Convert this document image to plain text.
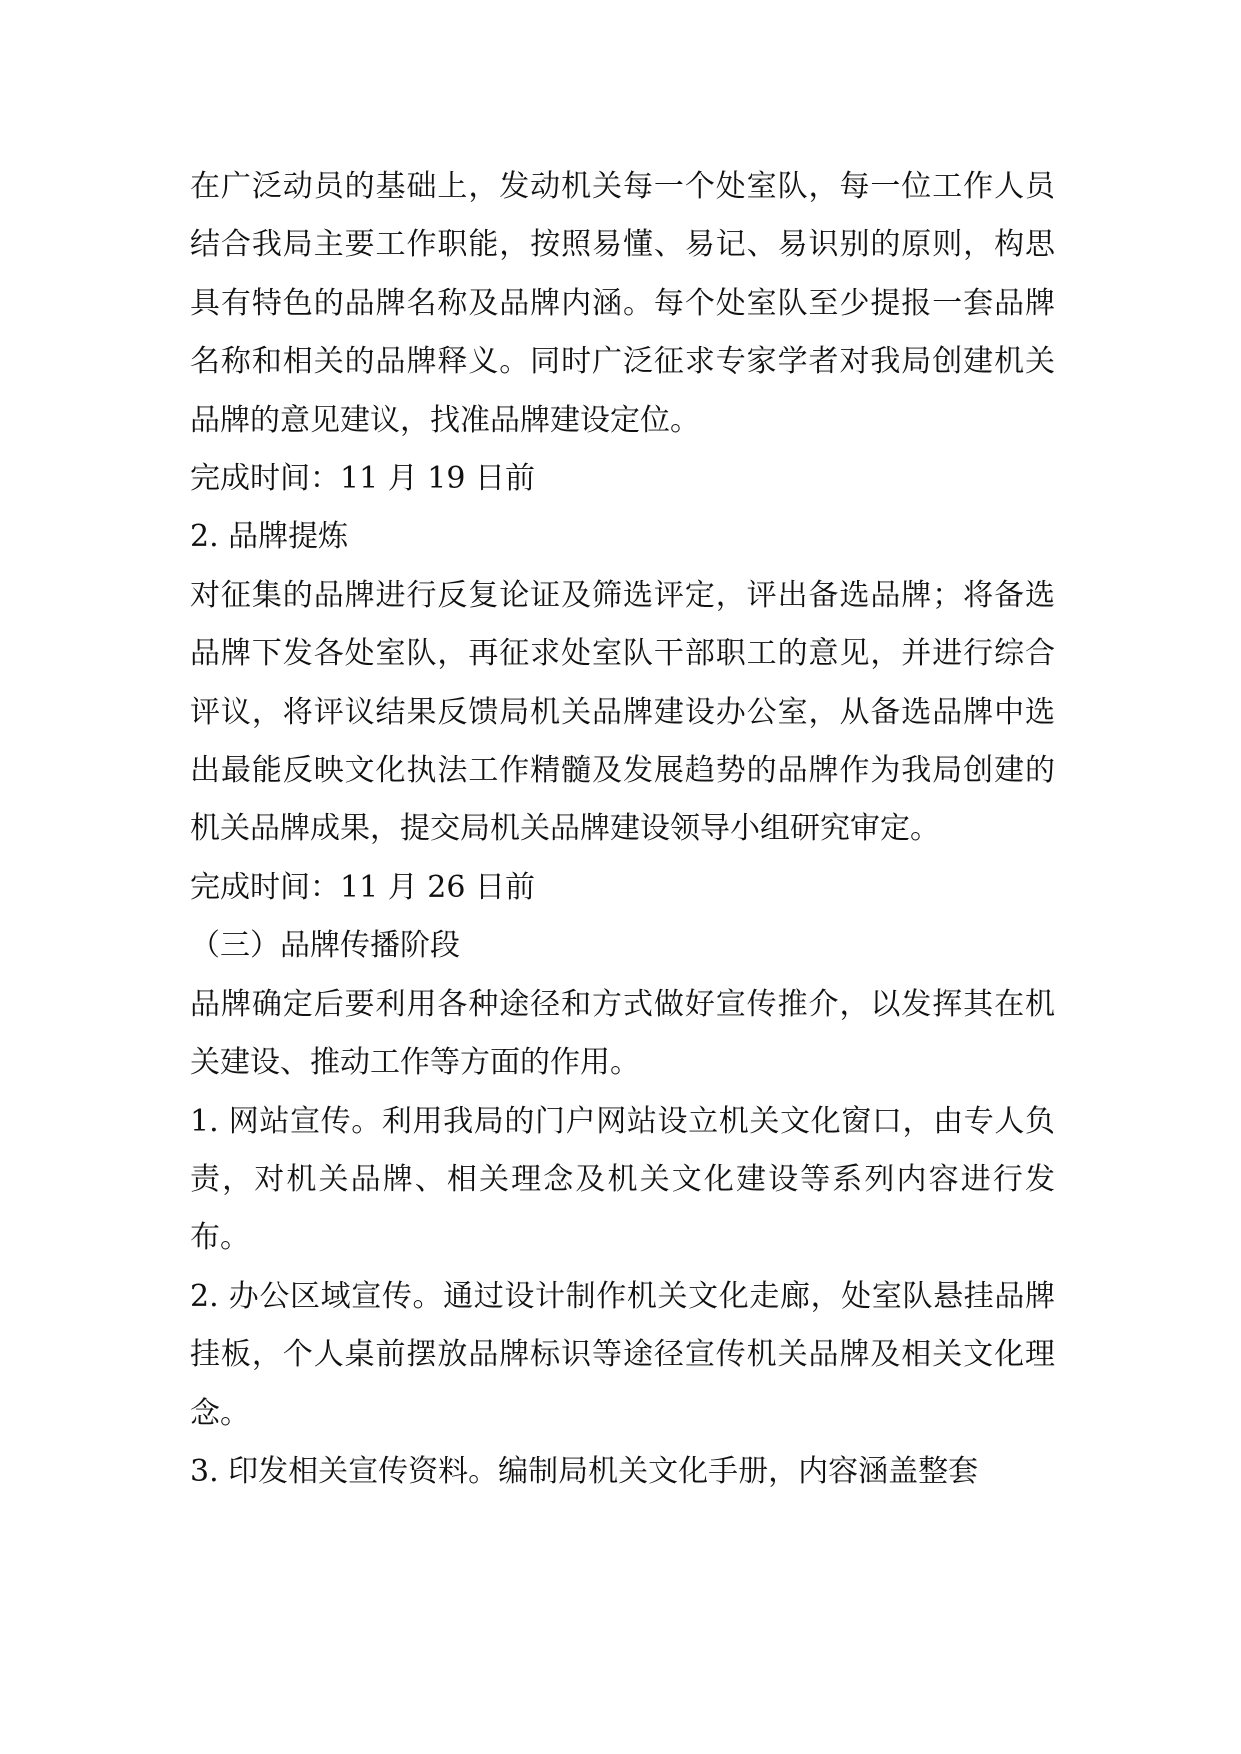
在广泛动员的基础上，发动机关每一个处室队，每一位工作人员结合我局主要工作职能，按照易懂、易记、易识别的原则，构思具有特色的品牌名称及品牌内涵。每个处室队至少提报一套品牌名称和相关的品牌释义。同时广泛征求专家学者对我局创建机关品牌的意见建议，找准品牌建设定位。

完成时间：11 月 19 日前

2. 品牌提炼

对征集的品牌进行反复论证及筛选评定，评出备选品牌；将备选品牌下发各处室队，再征求处室队干部职工的意见，并进行综合评议，将评议结果反馈局机关品牌建设办公室，从备选品牌中选出最能反映文化执法工作精髓及发展趋势的品牌作为我局创建的机关品牌成果，提交局机关品牌建设领导小组研究审定。

完成时间：11 月 26 日前

（三）品牌传播阶段

品牌确定后要利用各种途径和方式做好宣传推介，以发挥其在机关建设、推动工作等方面的作用。

1. 网站宣传。利用我局的门户网站设立机关文化窗口，由专人负责，对机关品牌、相关理念及机关文化建设等系列内容进行发布。

2. 办公区域宣传。通过设计制作机关文化走廊，处室队悬挂品牌挂板，个人桌前摆放品牌标识等途径宣传机关品牌及相关文化理念。

3. 印发相关宣传资料。编制局机关文化手册，内容涵盖整套
